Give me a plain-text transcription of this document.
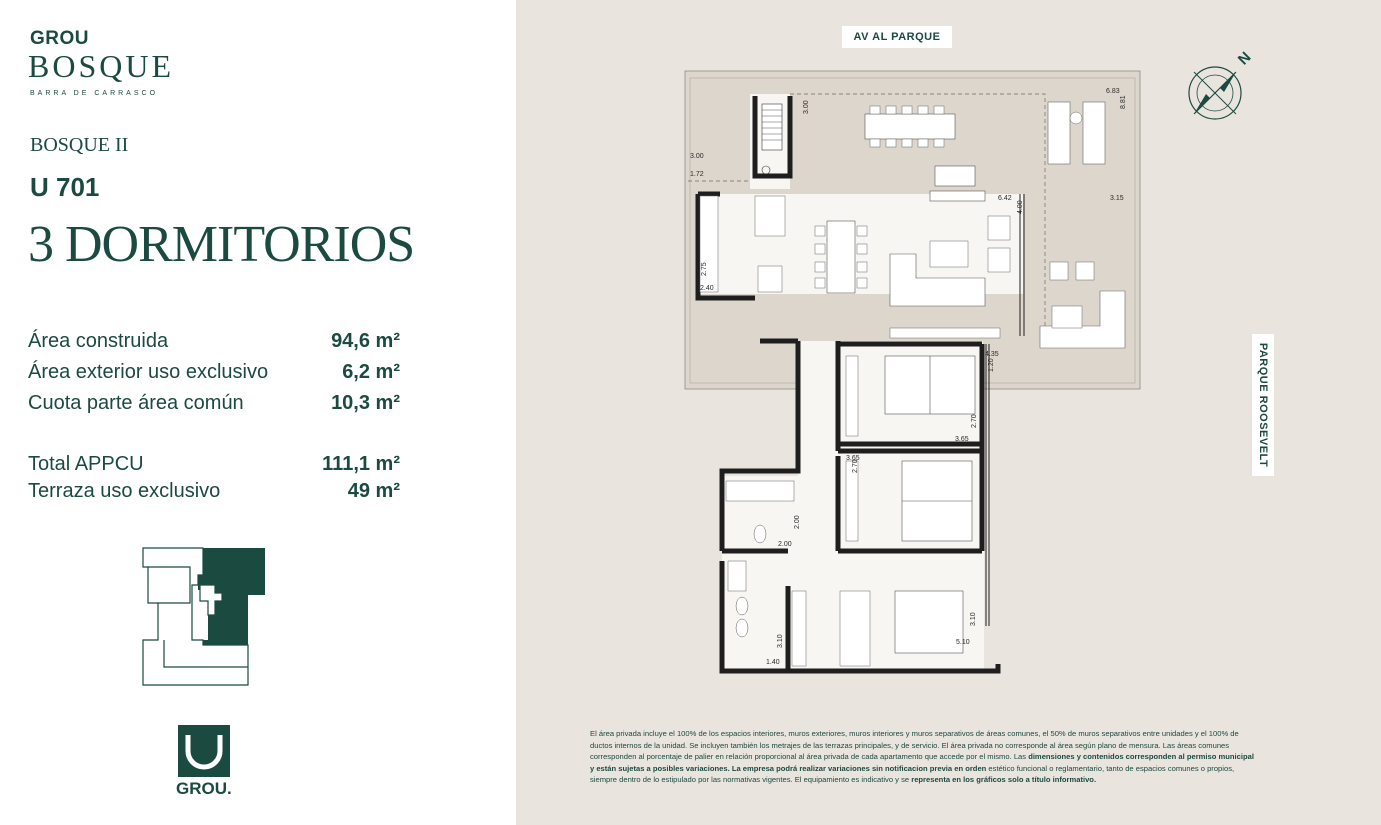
GROU
BOSQUE
BARRA DE CARRASCO
BOSQUE II
U 701
3 DORMITORIOS
Área construida	94,6 m²
Área exterior uso exclusivo	6,2 m²
Cuota parte área común	10,3 m²
Total APPCU	111,1 m²
Terraza uso exclusivo	49 m²
GROU.
AV AL PARQUE
PARQUE ROOSEVELT
N
3.00
1.72
3.00
6.83
8.81
6.42
4.00
3.15
2.75
2.40
4.35
1.20
2.70
3.65
3.65
2.70
2.00
2.00
3.10
5.10
3.10
1.40
El área privada incluye el 100% de los espacios interiores, muros exteriores, muros interiores y muros separativos de áreas comunes, el 50% de muros separativos entre unidades y el 100% de ductos internos de la unidad. Se incluyen también los metrajes de las terrazas principales, y de servicio. El área privada no corresponde al área según plano de mensura. Las áreas comunes corresponden al porcentaje de palier en relación proporcional al área privada de cada apartamento que accede por el mismo. Las dimensiones y contenidos corresponden al permiso municipal y están sujetas a posibles variaciones. La empresa podrá realizar variaciones sin notificacion previa en orden estético funcional o reglamentario, tanto de espacios comunes o propios, siempre dentro de lo estipulado por las normativas vigentes. El equipamiento es indicativo y se representa en los gráficos solo a título informativo.
